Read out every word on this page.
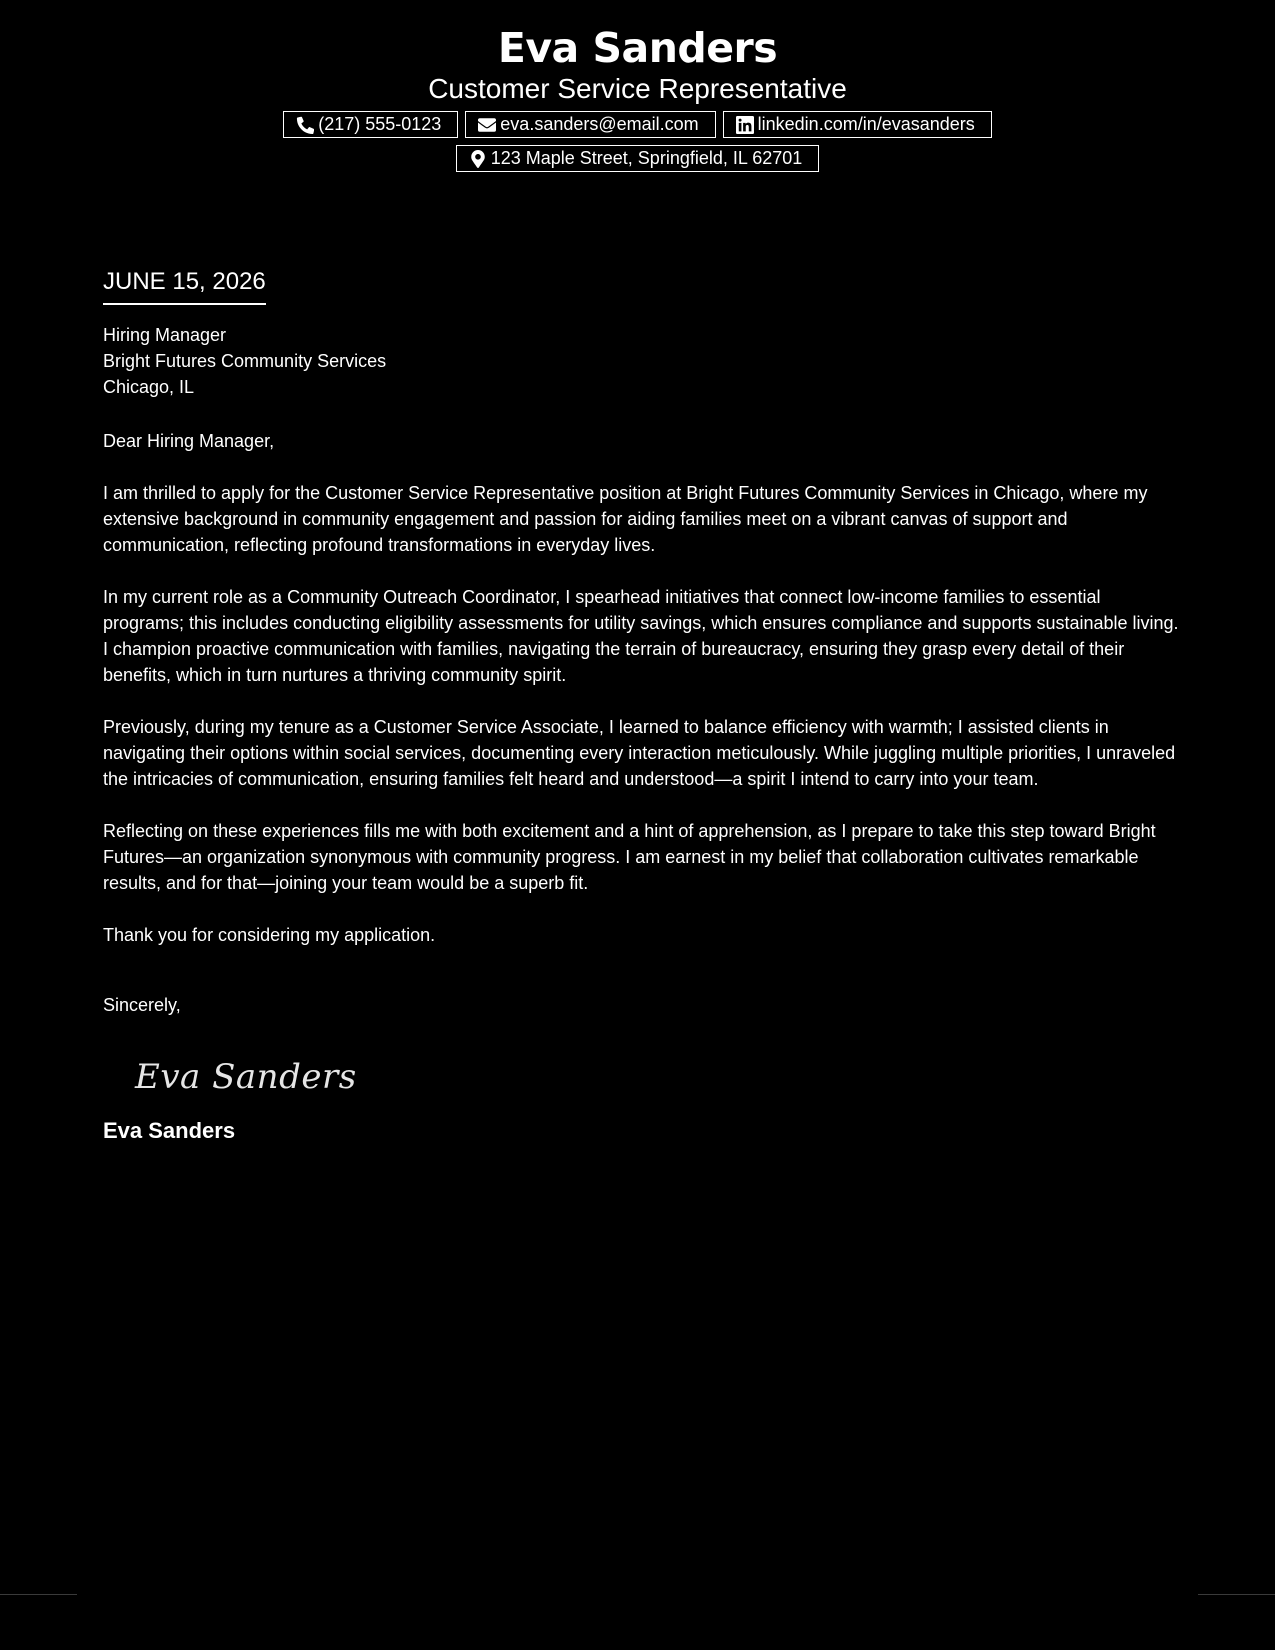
Eva Sanders
Customer Service Representative
(217) 555-0123	eva.sanders@email.com	linkedin.com/in/evasanders
123 Maple Street, Springfield, IL 62701
JUNE 15, 2026
Hiring Manager
Bright Futures Community Services
Chicago, IL
Dear Hiring Manager,
I am thrilled to apply for the Customer Service Representative position at Bright Futures Community Services in Chicago, where my extensive background in community engagement and passion for aiding families meet on a vibrant canvas of support and communication, reflecting profound transformations in everyday lives.
In my current role as a Community Outreach Coordinator, I spearhead initiatives that connect low-income families to essential programs; this includes conducting eligibility assessments for utility savings, which ensures compliance and supports sustainable living. I champion proactive communication with families, navigating the terrain of bureaucracy, ensuring they grasp every detail of their benefits, which in turn nurtures a thriving community spirit.
Previously, during my tenure as a Customer Service Associate, I learned to balance efficiency with warmth; I assisted clients in navigating their options within social services, documenting every interaction meticulously. While juggling multiple priorities, I unraveled the intricacies of communication, ensuring families felt heard and understood—a spirit I intend to carry into your team.
Reflecting on these experiences fills me with both excitement and a hint of apprehension, as I prepare to take this step toward Bright Futures—an organization synonymous with community progress. I am earnest in my belief that collaboration cultivates remarkable results, and for that—joining your team would be a superb fit.
Thank you for considering my application.
Sincerely,
Eva Sanders
Eva Sanders
